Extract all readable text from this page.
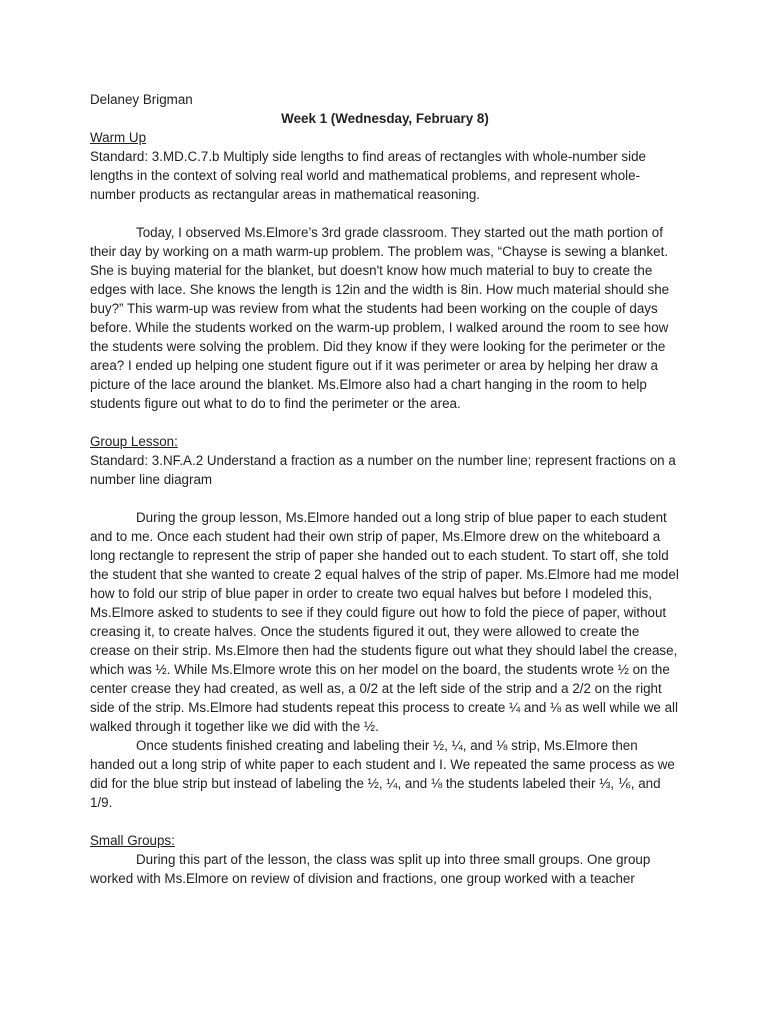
Delaney Brigman
Week 1 (Wednesday, February 8)
Warm Up

Standard: 3.MD.C.7.b Multiply side lengths to find areas of rectangles with whole-number side lengths in the context of solving real world and mathematical problems, and represent whole-number products as rectangular areas in mathematical reasoning.

Today, I observed Ms.Elmore’s 3rd grade classroom. They started out the math portion of their day by working on a math warm-up problem. The problem was, “Chayse is sewing a blanket. She is buying material for the blanket, but doesn't know how much material to buy to create the edges with lace. She knows the length is 12in and the width is 8in. How much material should she buy?” This warm-up was review from what the students had been working on the couple of days before. While the students worked on the warm-up problem, I walked around the room to see how the students were solving the problem. Did they know if they were looking for the perimeter or the area? I ended up helping one student figure out if it was perimeter or area by helping her draw a picture of the lace around the blanket. Ms.Elmore also had a chart hanging in the room to help students figure out what to do to find the perimeter or the area.

Group Lesson:

Standard: 3.NF.A.2 Understand a fraction as a number on the number line; represent fractions on a number line diagram

During the group lesson, Ms.Elmore handed out a long strip of blue paper to each student and to me. Once each student had their own strip of paper, Ms.Elmore drew on the whiteboard a long rectangle to represent the strip of paper she handed out to each student. To start off, she told the student that she wanted to create 2 equal halves of the strip of paper. Ms.Elmore had me model how to fold our strip of blue paper in order to create two equal halves but before I modeled this, Ms.Elmore asked to students to see if they could figure out how to fold the piece of paper, without creasing it, to create halves. Once the students figured it out, they were allowed to create the crease on their strip. Ms.Elmore then had the students figure out what they should label the crease, which was ½. While Ms.Elmore wrote this on her model on the board, the students wrote ½ on the center crease they had created, as well as, a 0/2 at the left side of the strip and a 2/2 on the right side of the strip. Ms.Elmore had students repeat this process to create ¼ and ⅛ as well while we all walked through it together like we did with the ½.

Once students finished creating and labeling their ½, ¼, and ⅛ strip, Ms.Elmore then handed out a long strip of white paper to each student and I. We repeated the same process as we did for the blue strip but instead of labeling the ½, ¼, and ⅛ the students labeled their ⅓, ⅙, and 1/9.

Small Groups:

During this part of the lesson, the class was split up into three small groups. One group worked with Ms.Elmore on review of division and fractions, one group worked with a teacher
